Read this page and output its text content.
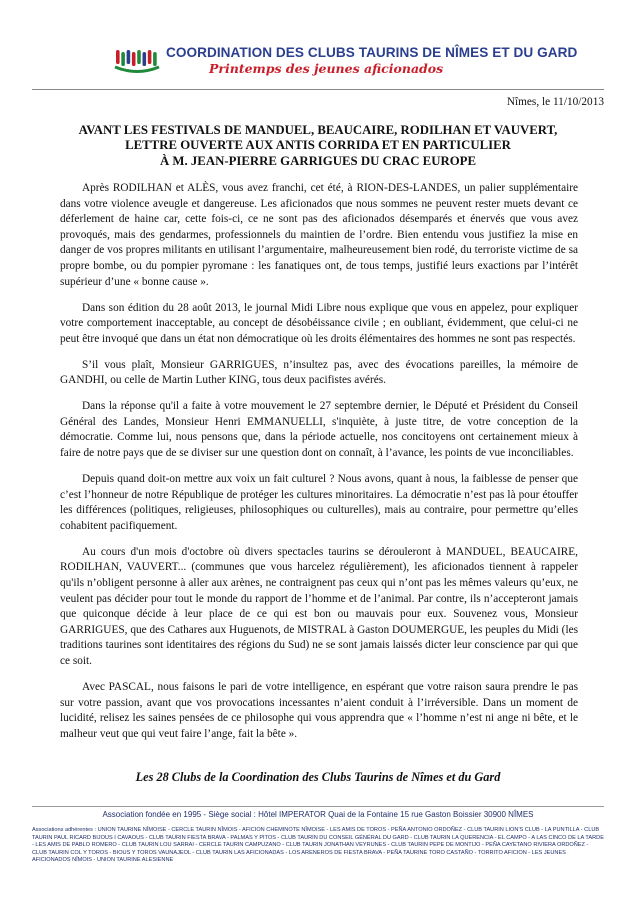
COORDINATION DES CLUBS TAURINS DE NÎMES ET DU GARD
Printemps des jeunes aficionados
Nîmes, le 11/10/2013
AVANT LES FESTIVALS DE MANDUEL, BEAUCAIRE, RODILHAN ET VAUVERT,
LETTRE OUVERTE AUX ANTIS CORRIDA ET EN PARTICULIER
À M. JEAN-PIERRE GARRIGUES DU CRAC EUROPE

Après RODILHAN et ALÈS, vous avez franchi, cet été, à RION-DES-LANDES, un palier supplémentaire dans votre violence aveugle et dangereuse. Les aficionados que nous sommes ne peuvent rester muets devant ce déferlement de haine car, cette fois-ci, ce ne sont pas des aficionados désemparés et énervés que vous avez provoqués, mais des gendarmes, professionnels du maintien de l’ordre. Bien entendu vous justifiez la mise en danger de vos propres militants en utilisant l’argumentaire, malheureusement bien rodé, du terroriste victime de sa propre bombe, ou du pompier pyromane : les fanatiques ont, de tous temps, justifié leurs exactions par l’intérêt supérieur d’une « bonne cause ».

Dans son édition du 28 août 2013, le journal Midi Libre nous explique que vous en appelez, pour expliquer votre comportement inacceptable, au concept de désobéissance civile ; en oubliant, évidemment, que celui-ci ne peut être invoqué que dans un état non démocratique où les droits élémentaires des hommes ne sont pas respectés.

S’il vous plaît, Monsieur GARRIGUES, n’insultez pas, avec des évocations pareilles, la mémoire de GANDHI, ou celle de Martin Luther KING, tous deux pacifistes avérés.

Dans la réponse qu'il a faite à votre mouvement le 27 septembre dernier, le Député et Président du Conseil Général des Landes, Monsieur Henri EMMANUELLI, s'inquiète, à juste titre, de votre conception de la démocratie. Comme lui, nous pensons que, dans la période actuelle, nos concitoyens ont certainement mieux à faire de notre pays que de se diviser sur une question dont on connaît, à l’avance, les points de vue inconciliables.

Depuis quand doit-on mettre aux voix un fait culturel ? Nous avons, quant à nous, la faiblesse de penser que c’est l’honneur de notre République de protéger les cultures minoritaires. La démocratie n’est pas là pour étouffer les différences (politiques, religieuses, philosophiques ou culturelles), mais au contraire, pour permettre qu’elles cohabitent pacifiquement.

Au cours d'un mois d'octobre où divers spectacles taurins se dérouleront à MANDUEL, BEAUCAIRE, RODILHAN, VAUVERT... (communes que vous harcelez régulièrement), les aficionados tiennent à rappeler qu'ils n’obligent personne à aller aux arènes, ne contraignent pas ceux qui n’ont pas les mêmes valeurs qu’eux, ne veulent pas décider pour tout le monde du rapport de l’homme et de l’animal. Par contre, ils n’accepteront jamais que quiconque décide à leur place de ce qui est bon ou mauvais pour eux. Souvenez vous, Monsieur GARRIGUES, que des Cathares aux Huguenots, de MISTRAL à Gaston DOUMERGUE, les peuples du Midi (les traditions taurines sont identitaires des régions du Sud) ne se sont jamais laissés dicter leur conscience par qui que ce soit.

Avec PASCAL, nous faisons le pari de votre intelligence, en espérant que votre raison saura prendre le pas sur votre passion, avant que vos provocations incessantes n’aient conduit à l’irréversible. Dans un moment de lucidité, relisez les saines pensées de ce philosophe qui vous apprendra que « l’homme n’est ni ange ni bête, et le malheur veut que qui veut faire l’ange, fait la bête ».

Les 28 Clubs de la Coordination des Clubs Taurins de Nîmes et du Gard
Association fondée en 1995 - Siège social : Hôtel IMPERATOR Quai de la Fontaine 15 rue Gaston Boissier 30900 NÎMES
Associations adhérentes : UNION TAURINE NÎMOISE - CERCLE TAURIN NÎMOIS - AFICION CHEMINOTE NÎMOISE - LES AMIS DE TOROS - PEÑA ANTONIO ORDOÑEZ - CLUB TAURIN LION'S CLUB - LA PUNTILLA - CLUB TAURIN PAUL RICARD BIJOUS I CAVAOUS - CLUB TAURIN FIESTA BRAVA - PALMAS Y PITOS - CLUB TAURIN DU CONSEIL GÉNÉRAL DU GARD - CLUB TAURIN LA QUERENCIA - EL CAMPO - A LAS CINCO DE LA TARDE - LES AMIS DE PABLO ROMERO - CLUB TAURIN LOU SARRAI - CERCLE TAURIN CAMPUZANO - CLUB TAURIN JONATHAN VEYRUNES - CLUB TAURIN PEPE DE MONTIJO - PEÑA CAYETANO RIVIERA ORDOÑEZ - CLUB TAURIN COL Y TOROS - BIOUS Y TOROS VAUNAJEOL - CLUB TAURIN LAS AFICIONADAS - LOS ARENEROS DE FIESTA BRAVA - PEÑA TAURINE TORO CASTAÑO - TORRITO AFICION - LES JEUNES AFICIONADOS NÎMOIS - UNION TAURINE ALESIENNE
